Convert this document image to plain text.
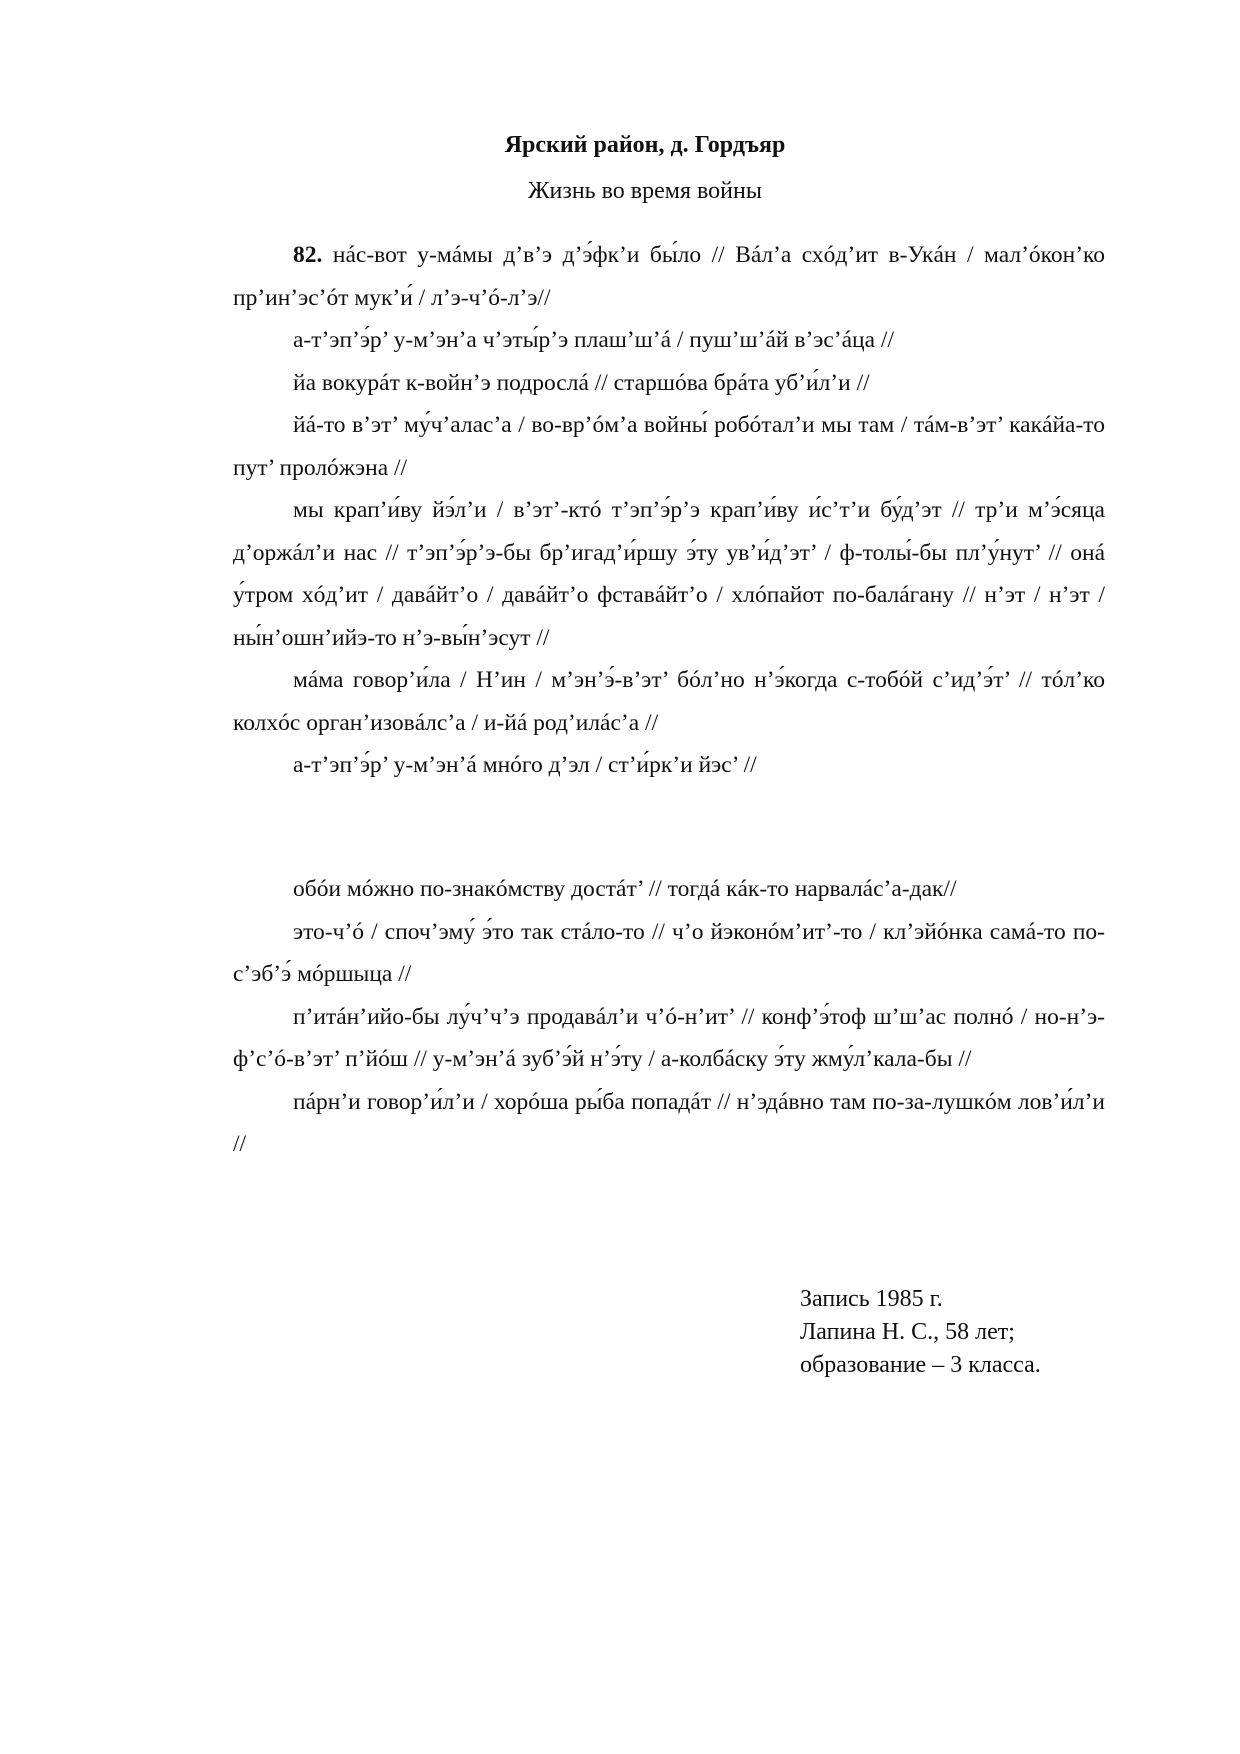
Ярский район, д. Гордъяр
Жизнь во время войны

82. нác-вот у-мáмы д’в’э д’э́фк’и бы́ло // Вáл’а схóд’ит в-Укáн / мал’óкон’ко пр’ин’эс’óт мук’и́ / л’э-ч’ó-л’э//

а-т’эп’э́р’ у-м’эн’а ч’эты́р’э плаш’ш’á / пуш’ш’áй в’эс’áца //

йа вокурáт к-войн’э подрослá // старшóва брáта уб’и́л’и //

йá-то в’эт’ му́ч’алас’а / во-вр’óм’а войны́ робóтал’и мы там / тáм-в’эт’ какáйа-то пут’ пролóжэна //

мы крап’и́ву йэ́л’и / в’эт’-ктó т’эп’э́р’э крап’и́ву и́с’т’и бу́д’эт // тр’и м’э́сяца д’оржáл’и нас // т’эп’э́р’э-бы бр’игад’и́ршу э́ту ув’и́д’эт’ / ф-толы́-бы пл’у́нут’ // онá у́тром хóд’ит / давáйт’о / давáйт’о фставáйт’о / хлóпайот по-балáгану // н’эт / н’эт / ны́н’ошн’ийэ-то н’э-вы́н’эсут //

мáма говор’и́ла / Н’ин / м’эн’э́-в’эт’ бóл’но н’э́когда с-тобóй с’ид’э́т’ // тóл’ко колхóс орган’изовáлс’а / и-йá род’илáс’а //

а-т’эп’э́р’ у-м’эн’á мнóго д’эл / ст’и́рк’и йэс’ //

обóи мóжно по-знакóмству достáт’ // тогдá кáк-то нарвалáс’а-дак//

это-ч’ó / споч’эму́ э́то так стáло-то // ч’о йэконóм’ит’-то / кл’эйóнка самá-то по-с’эб’э́ мóршыца //

п’итáн’ийо-бы лу́ч’ч’э продавáл’и ч’ó-н’ит’ // конф’э́тоф ш’ш’ас полнó / но-н’э-ф’с’ó-в’эт’ п’йóш // у-м’эн’á зуб’э́й н’э́ту / а-колбáску э́ту жму́л’кала-бы //

пáрн’и говор’и́л’и / хорóша ры́ба попадáт // н’эдáвно там по-за-лушкóм лов’и́л’и //

Запись 1985 г.
Лапина Н. С., 58 лет;
образование – 3 класса.
